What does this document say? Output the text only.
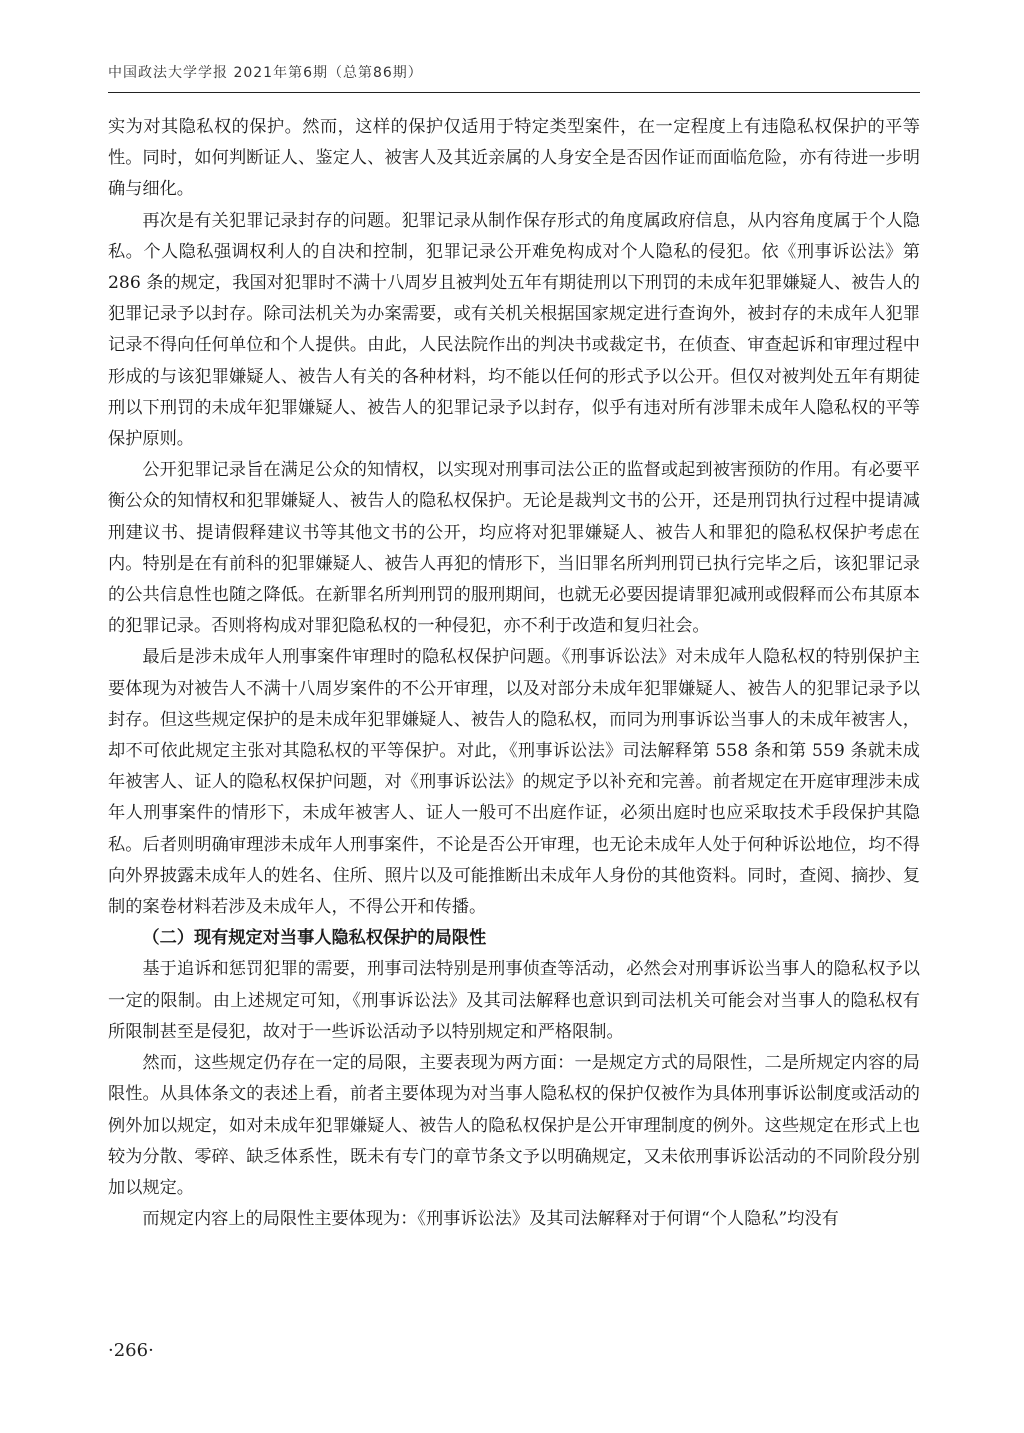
中国政法大学学报 2021年第6期（总第86期）

实为对其隐私权的保护。然而，这样的保护仅适用于特定类型案件，在一定程度上有违隐私权保护的平等性。同时，如何判断证人、鉴定人、被害人及其近亲属的人身安全是否因作证而面临危险，亦有待进一步明确与细化。

再次是有关犯罪记录封存的问题。犯罪记录从制作保存形式的角度属政府信息，从内容角度属于个人隐私。个人隐私强调权利人的自决和控制，犯罪记录公开难免构成对个人隐私的侵犯。依《刑事诉讼法》第 286 条的规定，我国对犯罪时不满十八周岁且被判处五年有期徒刑以下刑罚的未成年犯罪嫌疑人、被告人的犯罪记录予以封存。除司法机关为办案需要，或有关机关根据国家规定进行查询外，被封存的未成年人犯罪记录不得向任何单位和个人提供。由此，人民法院作出的判决书或裁定书，在侦查、审查起诉和审理过程中形成的与该犯罪嫌疑人、被告人有关的各种材料，均不能以任何的形式予以公开。但仅对被判处五年有期徒刑以下刑罚的未成年犯罪嫌疑人、被告人的犯罪记录予以封存，似乎有违对所有涉罪未成年人隐私权的平等保护原则。

公开犯罪记录旨在满足公众的知情权，以实现对刑事司法公正的监督或起到被害预防的作用。有必要平衡公众的知情权和犯罪嫌疑人、被告人的隐私权保护。无论是裁判文书的公开，还是刑罚执行过程中提请减刑建议书、提请假释建议书等其他文书的公开，均应将对犯罪嫌疑人、被告人和罪犯的隐私权保护考虑在内。特别是在有前科的犯罪嫌疑人、被告人再犯的情形下，当旧罪名所判刑罚已执行完毕之后，该犯罪记录的公共信息性也随之降低。在新罪名所判刑罚的服刑期间，也就无必要因提请罪犯减刑或假释而公布其原本的犯罪记录。否则将构成对罪犯隐私权的一种侵犯，亦不利于改造和复归社会。

最后是涉未成年人刑事案件审理时的隐私权保护问题。《刑事诉讼法》对未成年人隐私权的特别保护主要体现为对被告人不满十八周岁案件的不公开审理，以及对部分未成年犯罪嫌疑人、被告人的犯罪记录予以封存。但这些规定保护的是未成年犯罪嫌疑人、被告人的隐私权，而同为刑事诉讼当事人的未成年被害人，却不可依此规定主张对其隐私权的平等保护。对此，《刑事诉讼法》司法解释第 558 条和第 559 条就未成年被害人、证人的隐私权保护问题，对《刑事诉讼法》的规定予以补充和完善。前者规定在开庭审理涉未成年人刑事案件的情形下，未成年被害人、证人一般可不出庭作证，必须出庭时也应采取技术手段保护其隐私。后者则明确审理涉未成年人刑事案件，不论是否公开审理，也无论未成年人处于何种诉讼地位，均不得向外界披露未成年人的姓名、住所、照片以及可能推断出未成年人身份的其他资料。同时，查阅、摘抄、复制的案卷材料若涉及未成年人，不得公开和传播。

（二）现有规定对当事人隐私权保护的局限性

基于追诉和惩罚犯罪的需要，刑事司法特别是刑事侦查等活动，必然会对刑事诉讼当事人的隐私权予以一定的限制。由上述规定可知，《刑事诉讼法》及其司法解释也意识到司法机关可能会对当事人的隐私权有所限制甚至是侵犯，故对于一些诉讼活动予以特别规定和严格限制。

然而，这些规定仍存在一定的局限，主要表现为两方面：一是规定方式的局限性，二是所规定内容的局限性。从具体条文的表述上看，前者主要体现为对当事人隐私权的保护仅被作为具体刑事诉讼制度或活动的例外加以规定，如对未成年犯罪嫌疑人、被告人的隐私权保护是公开审理制度的例外。这些规定在形式上也较为分散、零碎、缺乏体系性，既未有专门的章节条文予以明确规定，又未依刑事诉讼活动的不同阶段分别加以规定。

而规定内容上的局限性主要体现为：《刑事诉讼法》及其司法解释对于何谓“个人隐私”均没有

·266·
